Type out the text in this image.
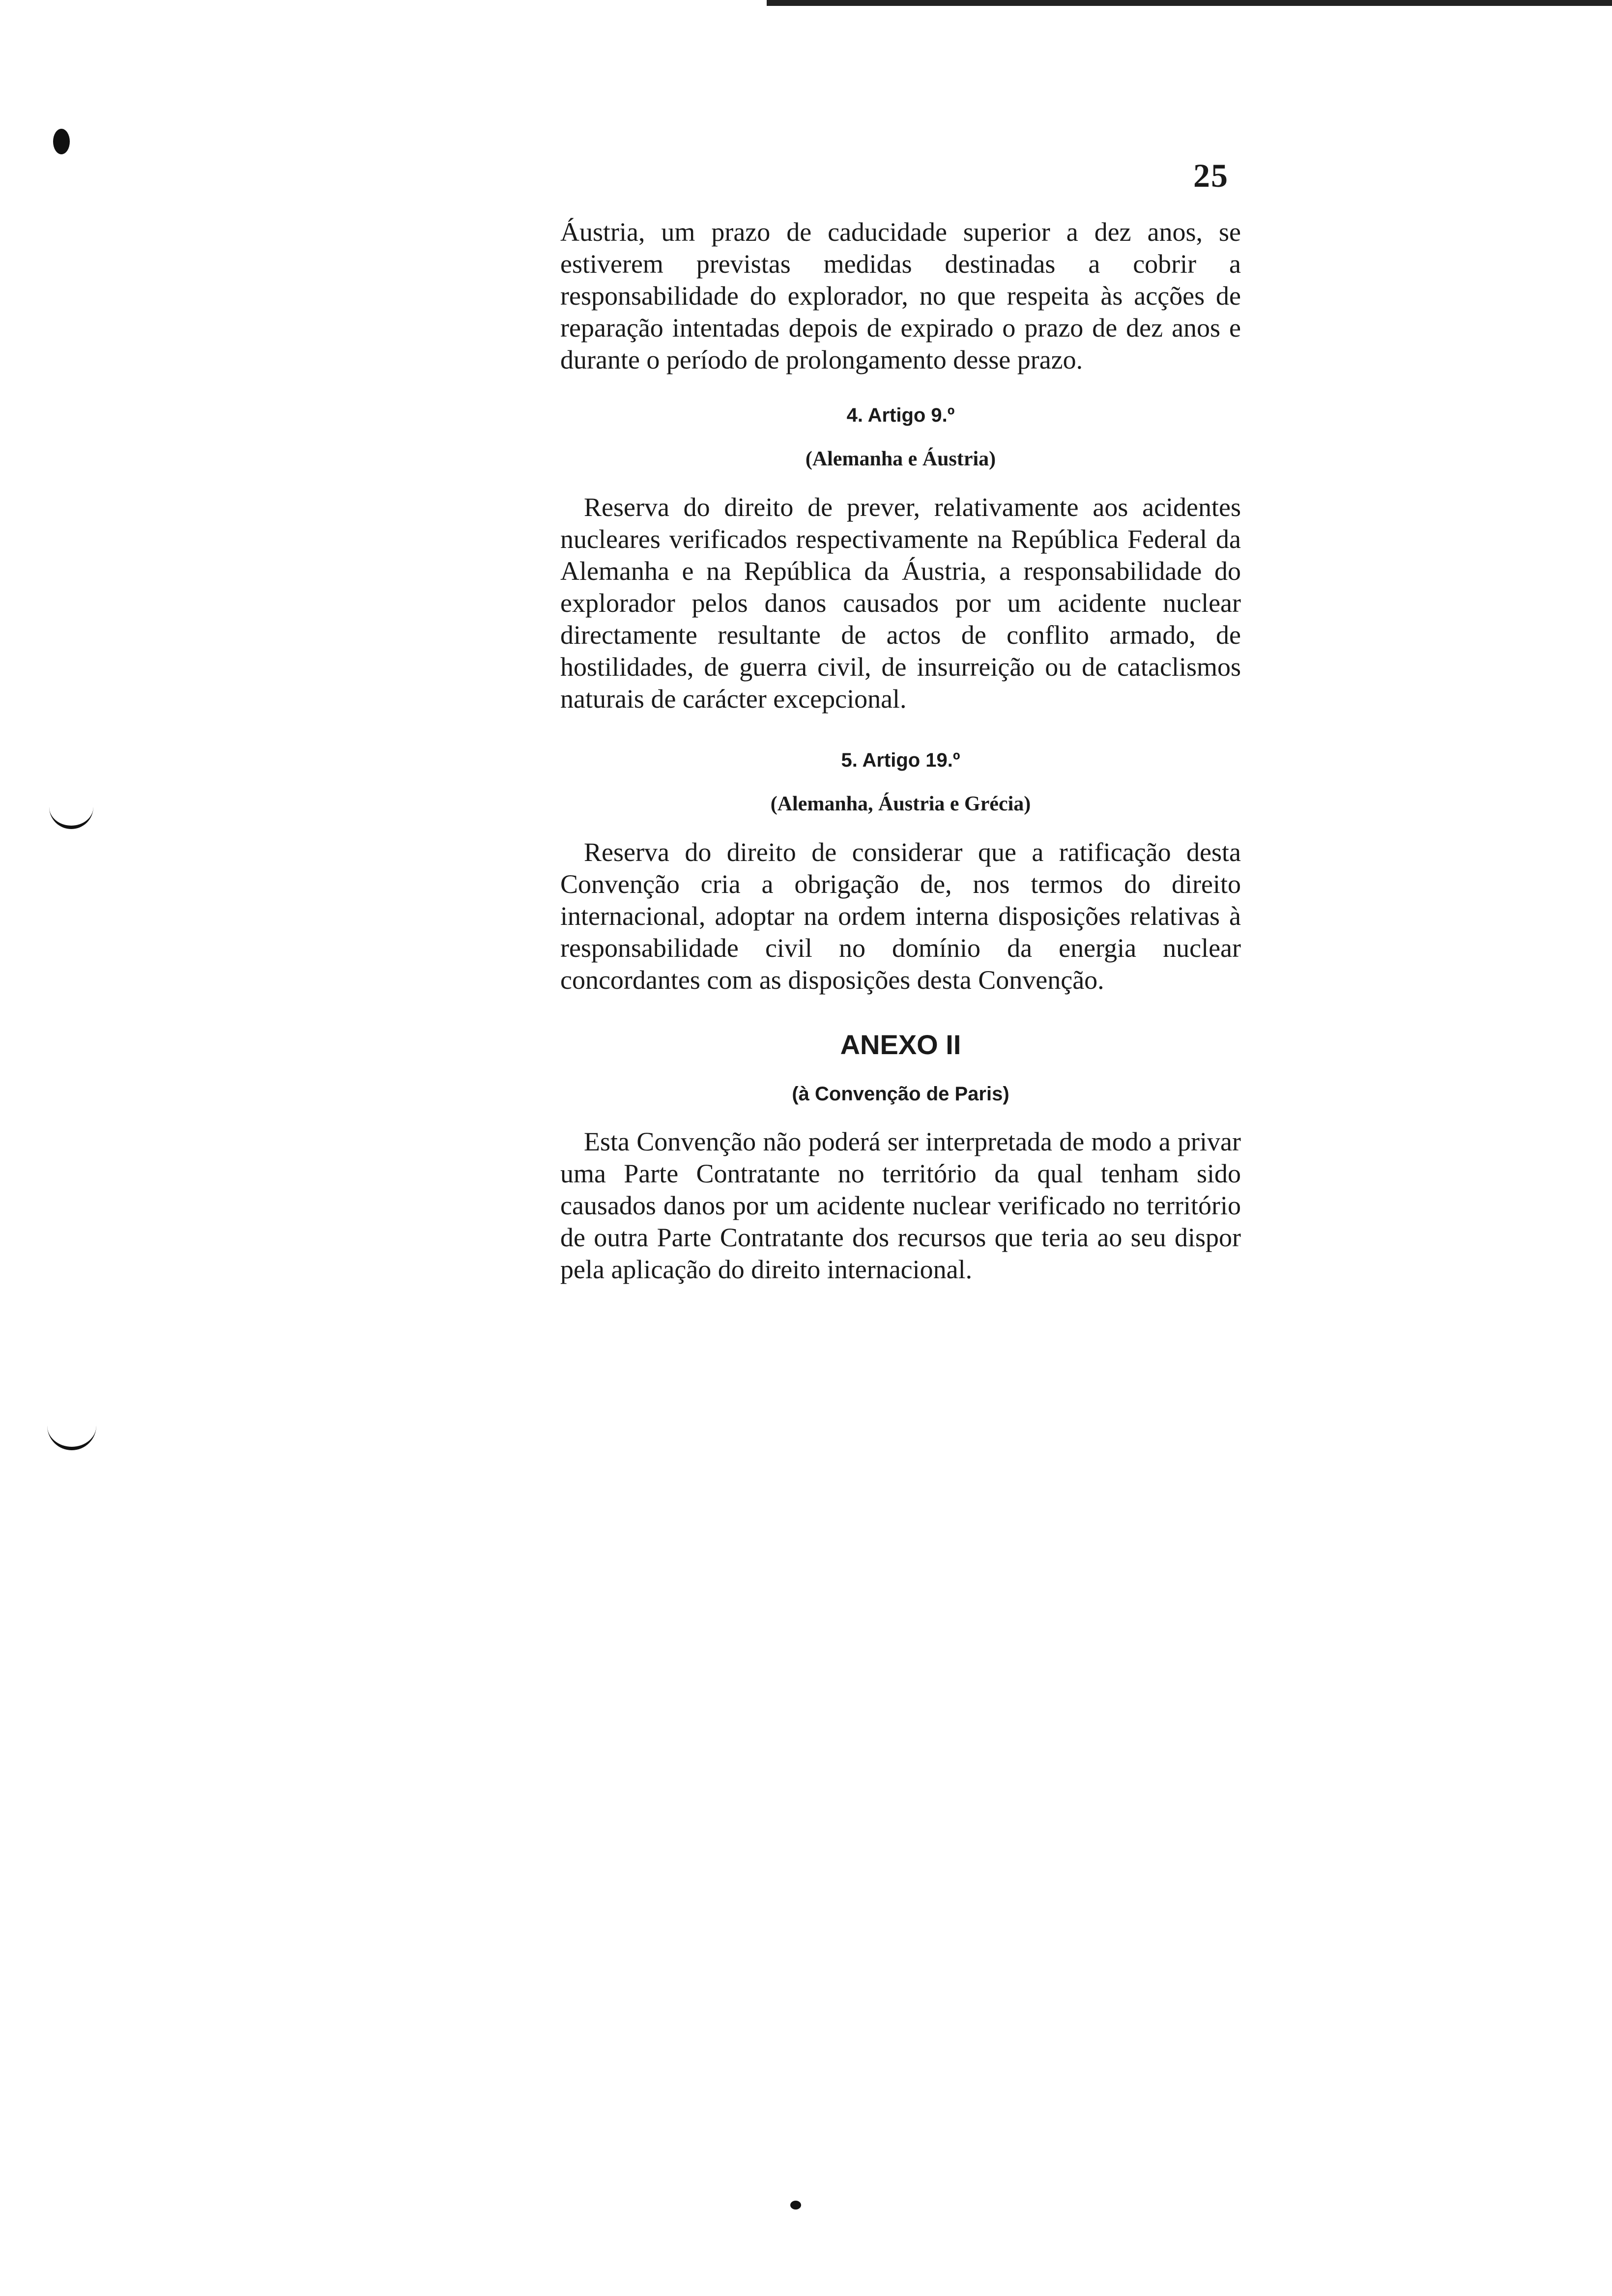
25

Áustria, um prazo de caducidade superior a dez anos, se estiverem previstas medidas destinadas a cobrir a responsabilidade do explorador, no que respeita às acções de reparação intentadas depois de expirado o prazo de dez anos e durante o período de prolongamento desse prazo.

4. Artigo 9.º

(Alemanha e Áustria)

Reserva do direito de prever, relativamente aos acidentes nucleares verificados respectivamente na República Federal da Alemanha e na República da Áustria, a responsabilidade do explorador pelos danos causados por um acidente nuclear directamente resultante de actos de conflito armado, de hostilidades, de guerra civil, de insurreição ou de cataclismos naturais de carácter excepcional.

5. Artigo 19.º

(Alemanha, Áustria e Grécia)

Reserva do direito de considerar que a ratificação desta Convenção cria a obrigação de, nos termos do direito internacional, adoptar na ordem interna disposições relativas à responsabilidade civil no domínio da energia nuclear concordantes com as disposições desta Convenção.

ANEXO II

(à Convenção de Paris)

Esta Convenção não poderá ser interpretada de modo a privar uma Parte Contratante no território da qual tenham sido causados danos por um acidente nuclear verificado no território de outra Parte Contratante dos recursos que teria ao seu dispor pela aplicação do direito internacional.
